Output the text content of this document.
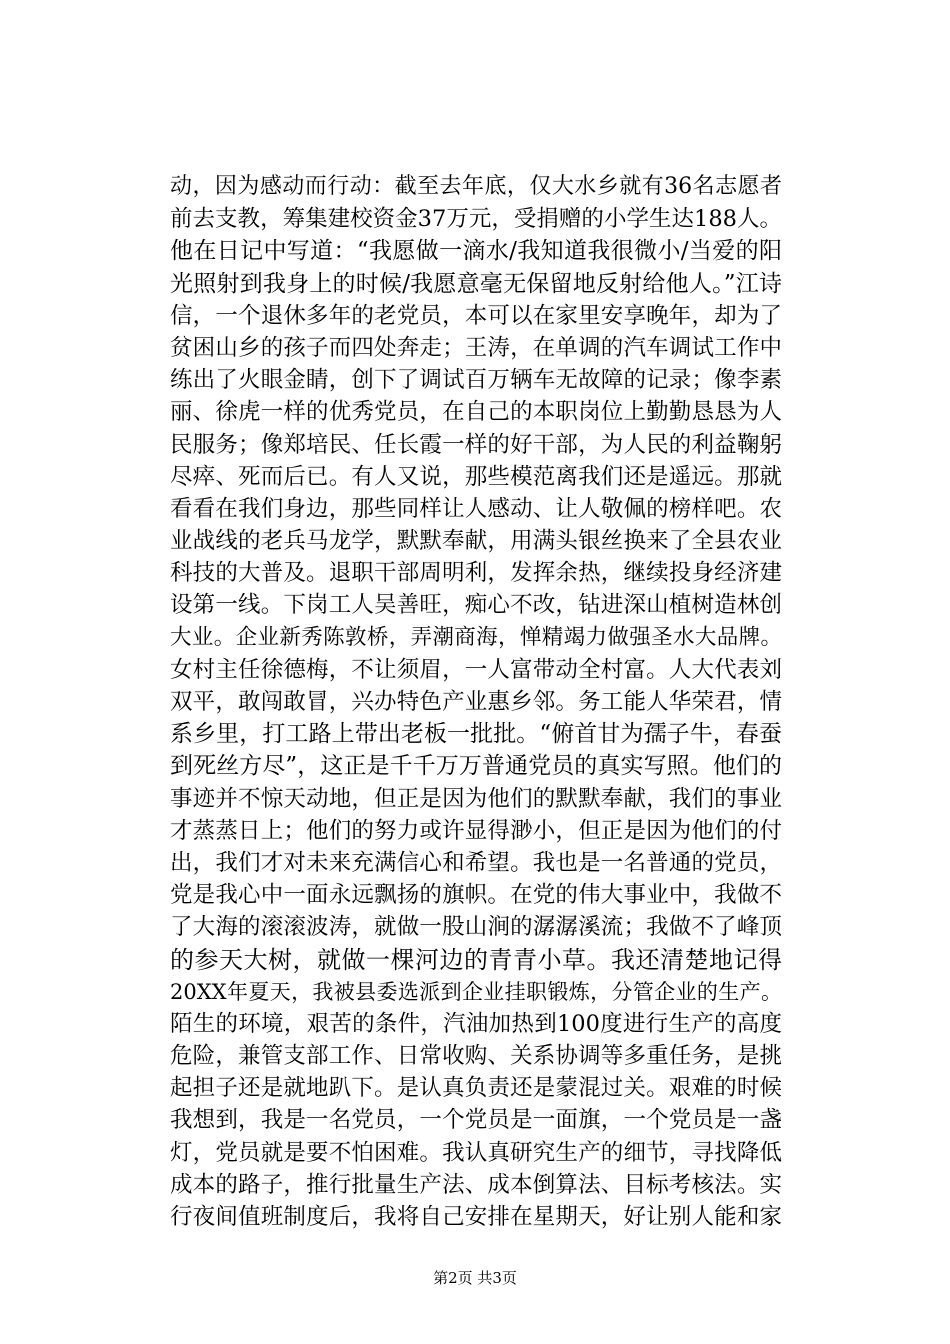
动，因为感动而行动：截至去年底，仅大水乡就有36名志愿者
前去支教，筹集建校资金37万元，受捐赠的小学生达188人。
他在日记中写道：“我愿做一滴水/我知道我很微小/当爱的阳
光照射到我身上的时候/我愿意毫无保留地反射给他人。”江诗
信，一个退休多年的老党员，本可以在家里安享晚年，却为了
贫困山乡的孩子而四处奔走；王涛，在单调的汽车调试工作中
练出了火眼金睛，创下了调试百万辆车无故障的记录；像李素
丽、徐虎一样的优秀党员，在自己的本职岗位上勤勤恳恳为人
民服务；像郑培民、任长霞一样的好干部，为人民的利益鞠躬
尽瘁、死而后已。有人又说，那些模范离我们还是遥远。那就
看看在我们身边，那些同样让人感动、让人敬佩的榜样吧。农
业战线的老兵马龙学，默默奉献，用满头银丝换来了全县农业
科技的大普及。退职干部周明利，发挥余热，继续投身经济建
设第一线。下岗工人吴善旺，痴心不改，钻进深山植树造林创
大业。企业新秀陈敦桥，弄潮商海，惮精竭力做强圣水大品牌。
女村主任徐德梅，不让须眉，一人富带动全村富。人大代表刘
双平，敢闯敢冒，兴办特色产业惠乡邻。务工能人华荣君，情
系乡里，打工路上带出老板一批批。“俯首甘为孺子牛，春蚕
到死丝方尽”，这正是千千万万普通党员的真实写照。他们的
事迹并不惊天动地，但正是因为他们的默默奉献，我们的事业
才蒸蒸日上；他们的努力或许显得渺小，但正是因为他们的付
出，我们才对未来充满信心和希望。我也是一名普通的党员，
党是我心中一面永远飘扬的旗帜。在党的伟大事业中，我做不
了大海的滚滚波涛，就做一股山涧的潺潺溪流；我做不了峰顶
的参天大树，就做一棵河边的青青小草。我还清楚地记得
20XX年夏天，我被县委选派到企业挂职锻炼，分管企业的生产。
陌生的环境，艰苦的条件，汽油加热到100度进行生产的高度
危险，兼管支部工作、日常收购、关系协调等多重任务，是挑
起担子还是就地趴下。是认真负责还是蒙混过关。艰难的时候
我想到，我是一名党员，一个党员是一面旗，一个党员是一盏
灯，党员就是要不怕困难。我认真研究生产的细节，寻找降低
成本的路子，推行批量生产法、成本倒算法、目标考核法。实
行夜间值班制度后，我将自己安排在星期天，好让别人能和家
第2页 共3页
